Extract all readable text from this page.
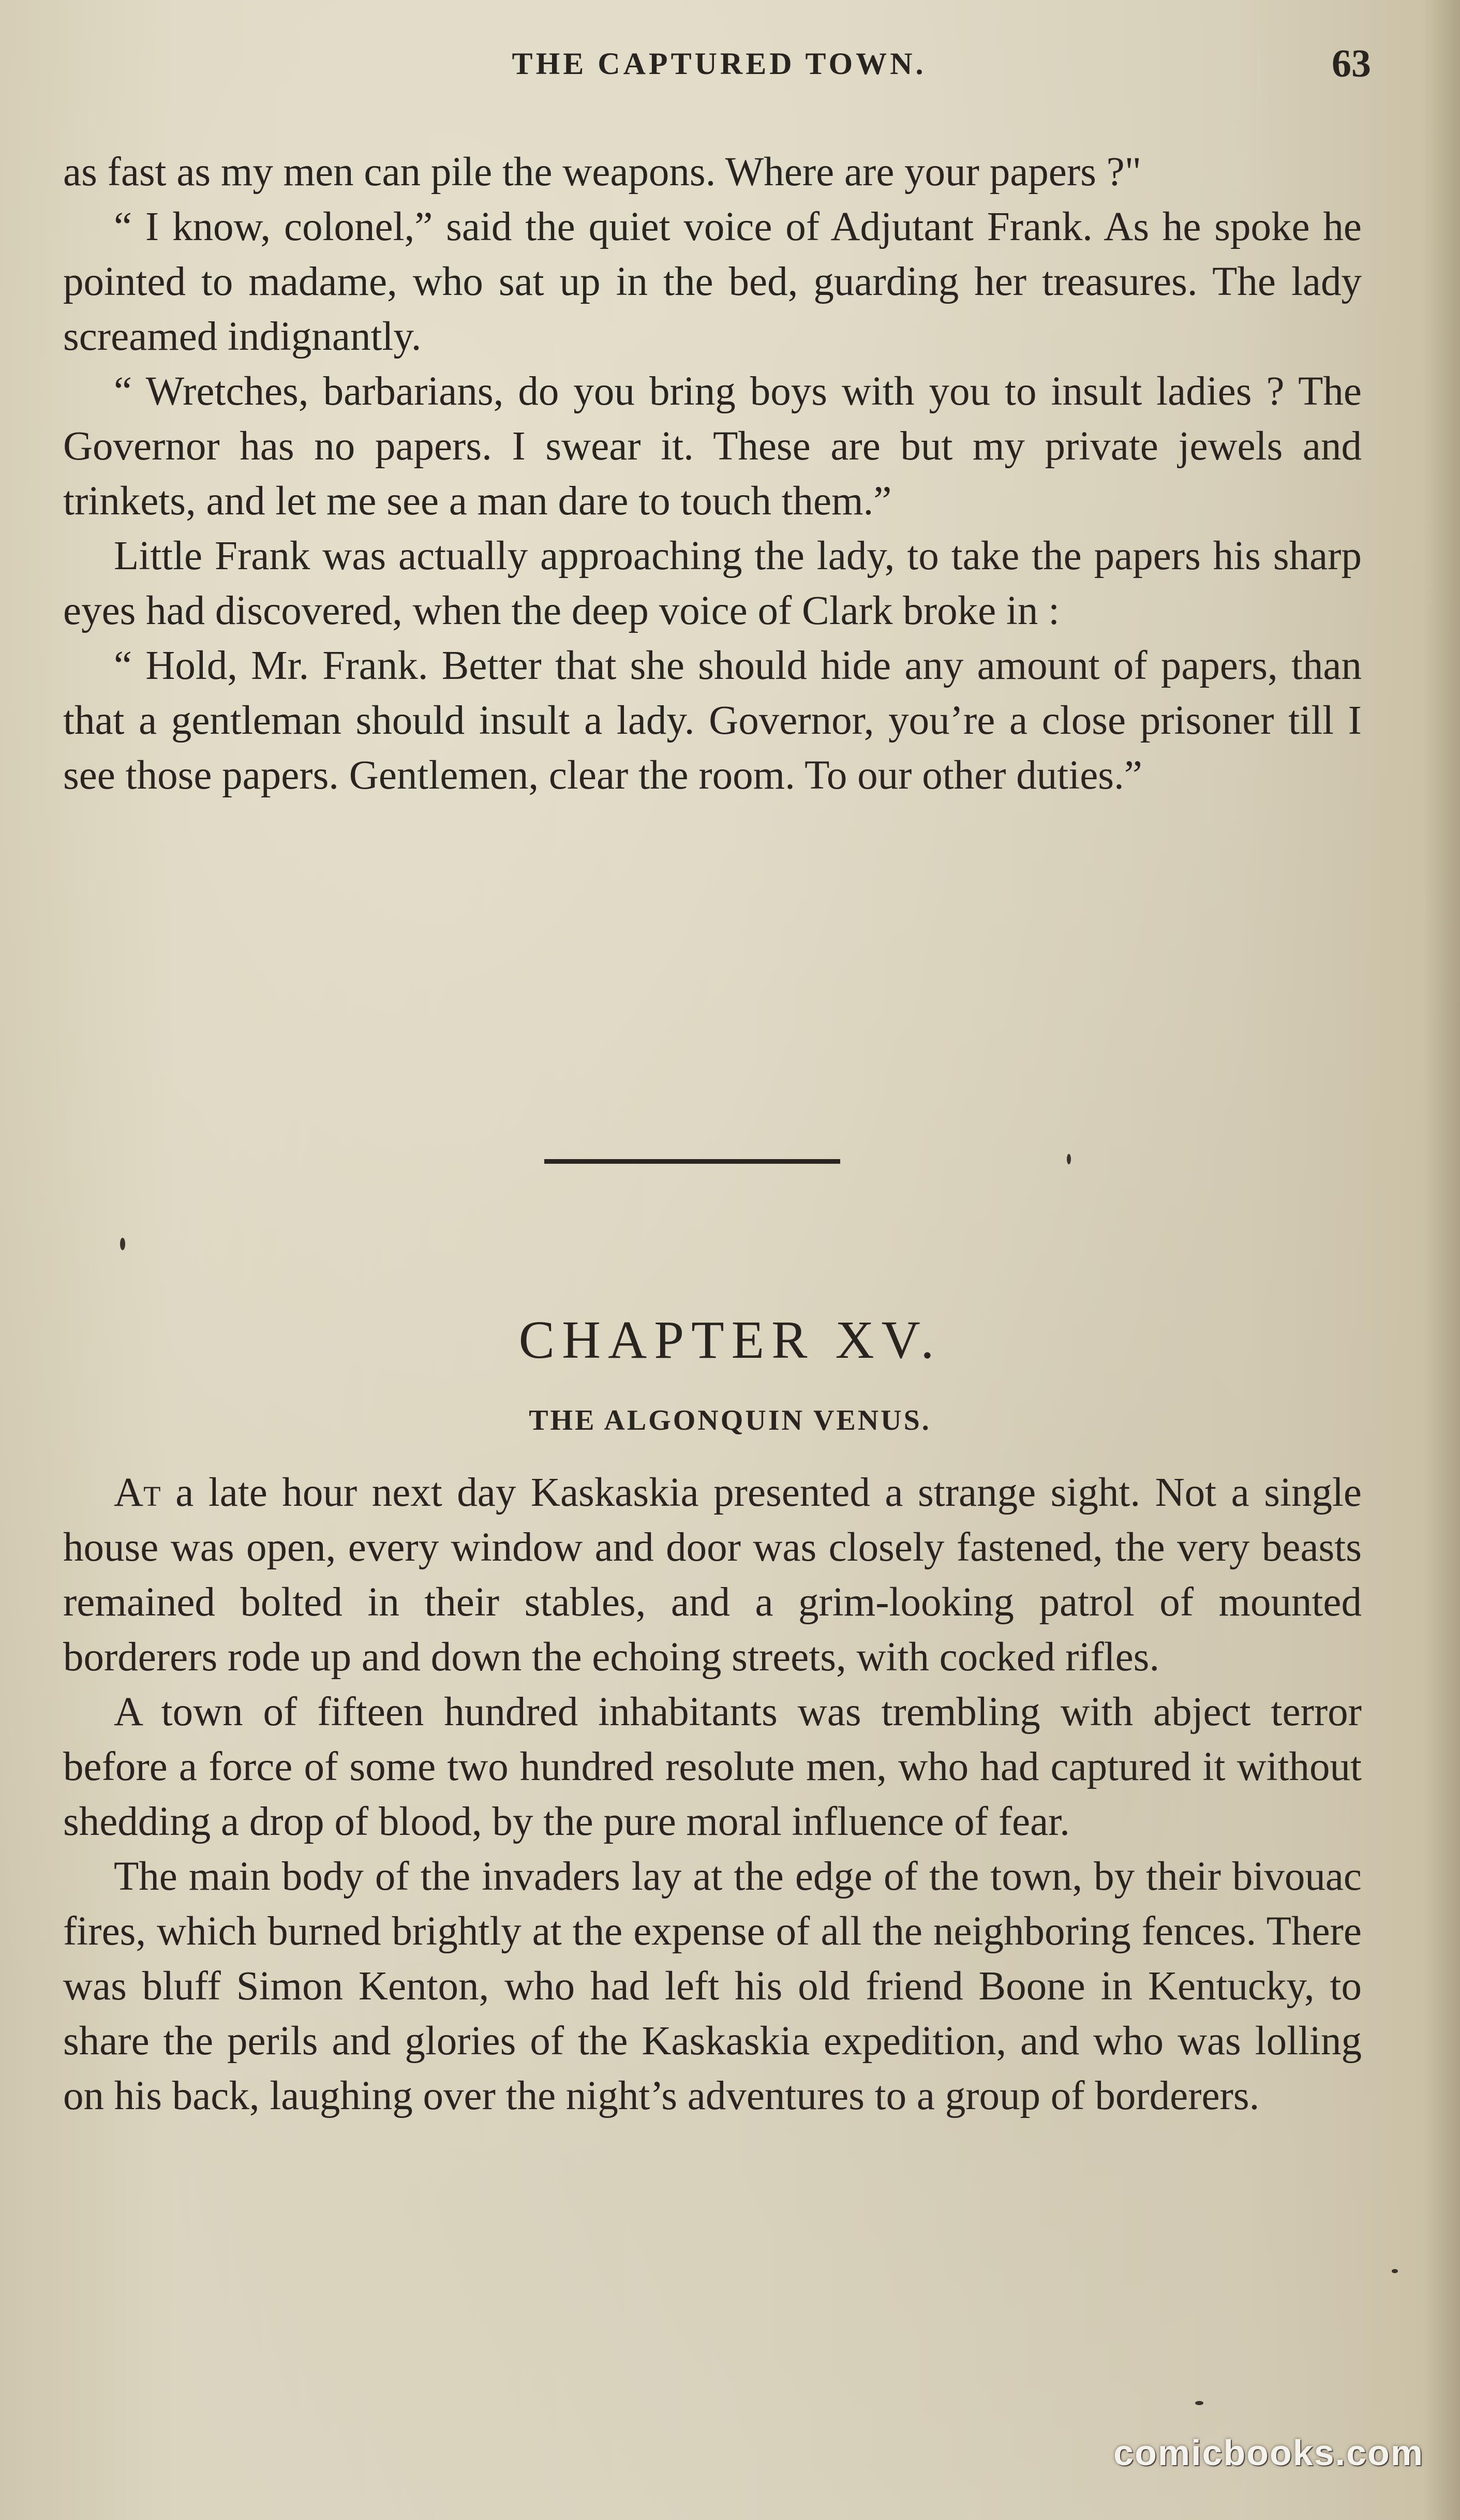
THE CAPTURED TOWN.	63

as fast as my men can pile the weapons. Where are your papers ?"

“ I know, colonel,” said the quiet voice of Adjutant Frank. As he spoke he pointed to madame, who sat up in the bed, guarding her treasures. The lady screamed indignantly.

“ Wretches, barbarians, do you bring boys with you to insult ladies ? The Governor has no papers. I swear it. These are but my private jewels and trinkets, and let me see a man dare to touch them.”

Little Frank was actually approaching the lady, to take the papers his sharp eyes had discovered, when the deep voice of Clark broke in :

“ Hold, Mr. Frank. Better that she should hide any amount of papers, than that a gentleman should insult a lady. Governor, you’re a close prisoner till I see those papers. Gentlemen, clear the room. To our other duties.”

CHAPTER XV.
THE ALGONQUIN VENUS.

At a late hour next day Kaskaskia presented a strange sight. Not a single house was open, every window and door was closely fastened, the very beasts remained bolted in their stables, and a grim-looking patrol of mounted borderers rode up and down the echoing streets, with cocked rifles.

A town of fifteen hundred inhabitants was trembling with abject terror before a force of some two hundred resolute men, who had captured it without shedding a drop of blood, by the pure moral influence of fear.

The main body of the invaders lay at the edge of the town, by their bivouac fires, which burned brightly at the expense of all the neighboring fences. There was bluff Simon Kenton, who had left his old friend Boone in Kentucky, to share the perils and glories of the Kaskaskia expedition, and who was lolling on his back, laughing over the night’s adventures to a group of borderers.

comicbooks.com
